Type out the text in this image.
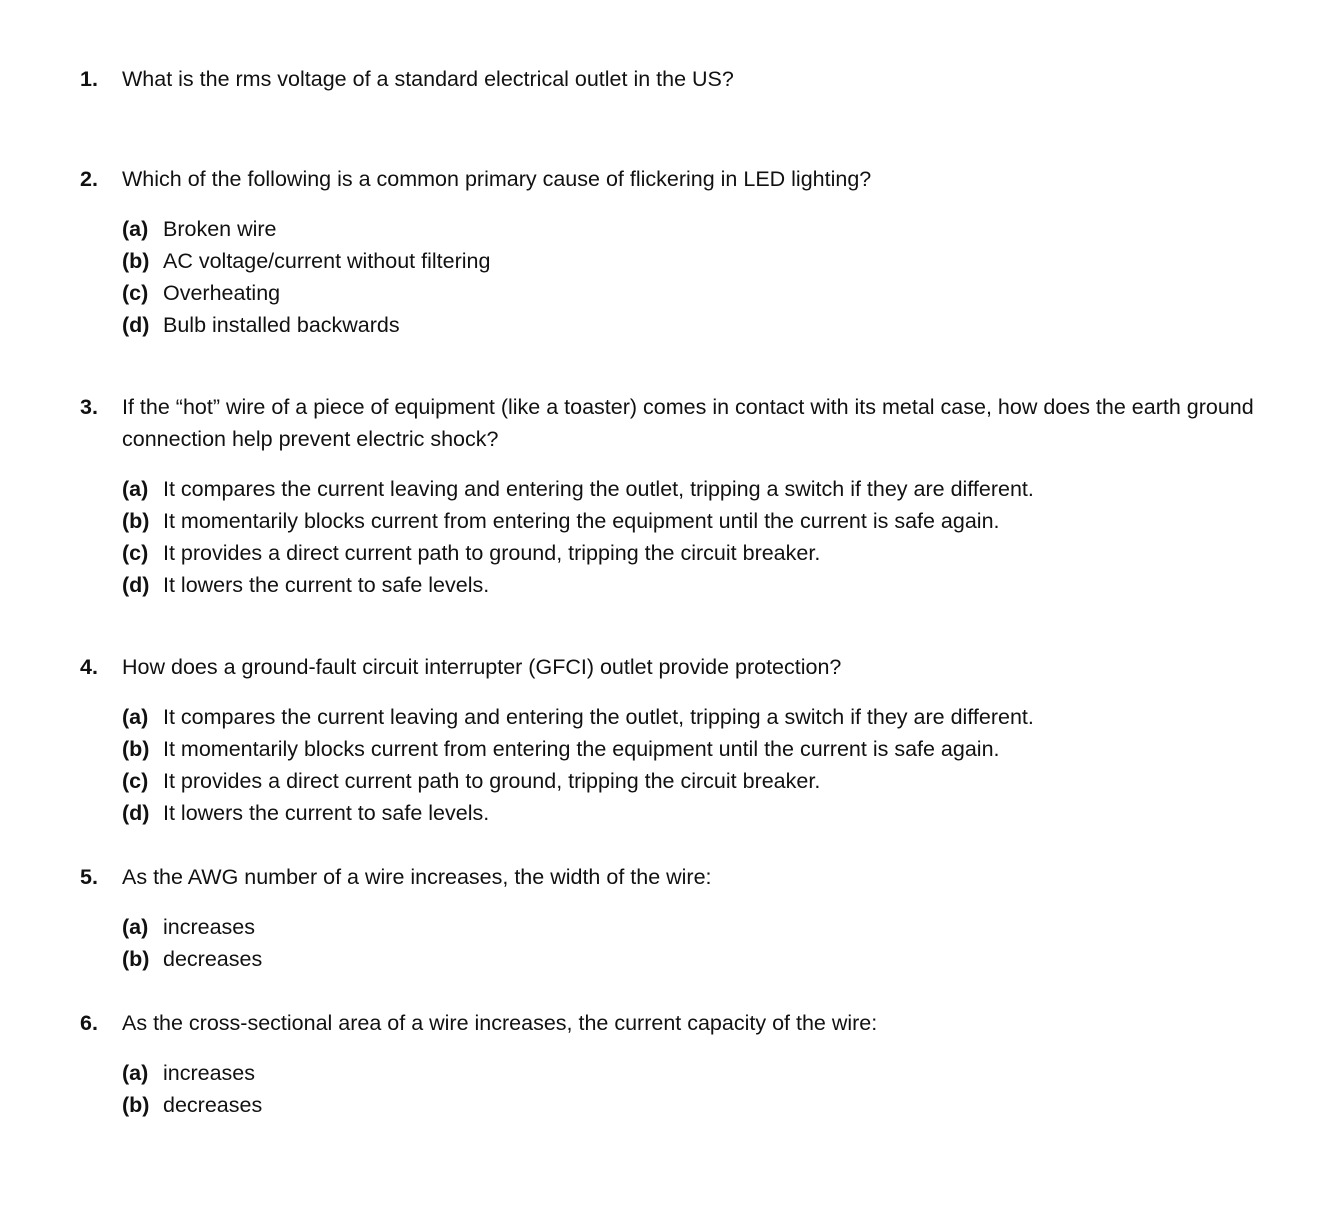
1.	What is the rms voltage of a standard electrical outlet in the US?
2.	Which of the following is a common primary cause of flickering in LED lighting?
(a) Broken wire
(b) AC voltage/current without filtering
(c) Overheating
(d) Bulb installed backwards
3.	If the “hot” wire of a piece of equipment (like a toaster) comes in contact with its metal case, how does the earth ground connection help prevent electric shock?
(a) It compares the current leaving and entering the outlet, tripping a switch if they are different.
(b) It momentarily blocks current from entering the equipment until the current is safe again.
(c) It provides a direct current path to ground, tripping the circuit breaker.
(d) It lowers the current to safe levels.
4.	How does a ground-fault circuit interrupter (GFCI) outlet provide protection?
(a) It compares the current leaving and entering the outlet, tripping a switch if they are different.
(b) It momentarily blocks current from entering the equipment until the current is safe again.
(c) It provides a direct current path to ground, tripping the circuit breaker.
(d) It lowers the current to safe levels.
5.	As the AWG number of a wire increases, the width of the wire:
(a) increases
(b) decreases
6.	As the cross-sectional area of a wire increases, the current capacity of the wire:
(a) increases
(b) decreases
